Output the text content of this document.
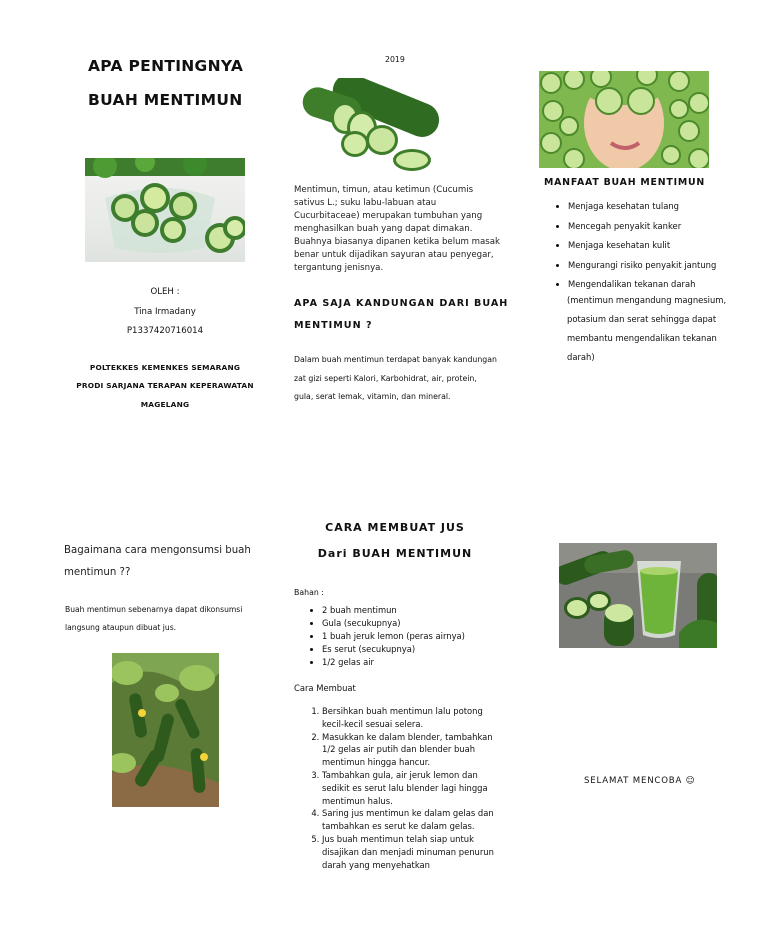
2019
APA PENTINGNYA
BUAH MENTIMUN
OLEH :
Tina Irmadany
P1337420716014
POLTEKKES KEMENKES SEMARANG
PRODI SARJANA TERAPAN KEPERAWATAN
MAGELANG
Mentimun, timun, atau ketimun (Cucumis
sativus L.; suku labu-labuan atau
Cucurbitaceae) merupakan tumbuhan yang
menghasilkan buah yang dapat dimakan.
Buahnya biasanya dipanen ketika belum masak
benar untuk dijadikan sayuran atau penyegar,
tergantung jenisnya.
APA SAJA KANDUNGAN DARI BUAH
MENTIMUN ?
Dalam buah mentimun terdapat banyak kandungan
zat gizi seperti Kalori, Karbohidrat, air, protein,
gula, serat lemak, vitamin, dan mineral.
MANFAAT BUAH MENTIMUN
• Menjaga kesehatan tulang
• Mencegah penyakit kanker
• Menjaga kesehatan kulit
• Mengurangi risiko penyakit jantung
• Mengendalikan tekanan darah
(mentimun mengandung magnesium,
potasium dan serat sehingga dapat
membantu mengendalikan tekanan
darah)
Bagaimana cara mengonsumsi buah
mentimun ??
Buah mentimun sebenarnya dapat dikonsumsi
langsung ataupun dibuat jus.
CARA MEMBUAT JUS
Dari BUAH MENTIMUN
Bahan :
• 2 buah mentimun
• Gula (secukupnya)
• 1 buah jeruk lemon (peras airnya)
• Es serut (secukupnya)
• 1/2 gelas air
Cara Membuat
1. Bersihkan buah mentimun lalu potong
kecil-kecil sesuai selera.
2. Masukkan ke dalam blender, tambahkan
1/2 gelas air putih dan blender buah
mentimun hingga hancur.
3. Tambahkan gula, air jeruk lemon dan
sedikit es serut lalu blender lagi hingga
mentimun halus.
4. Saring jus mentimun ke dalam gelas dan
tambahkan es serut ke dalam gelas.
5. Jus buah mentimun telah siap untuk
disajikan dan menjadi minuman penurun
darah yang menyehatkan
SELAMAT MENCOBA ☺
